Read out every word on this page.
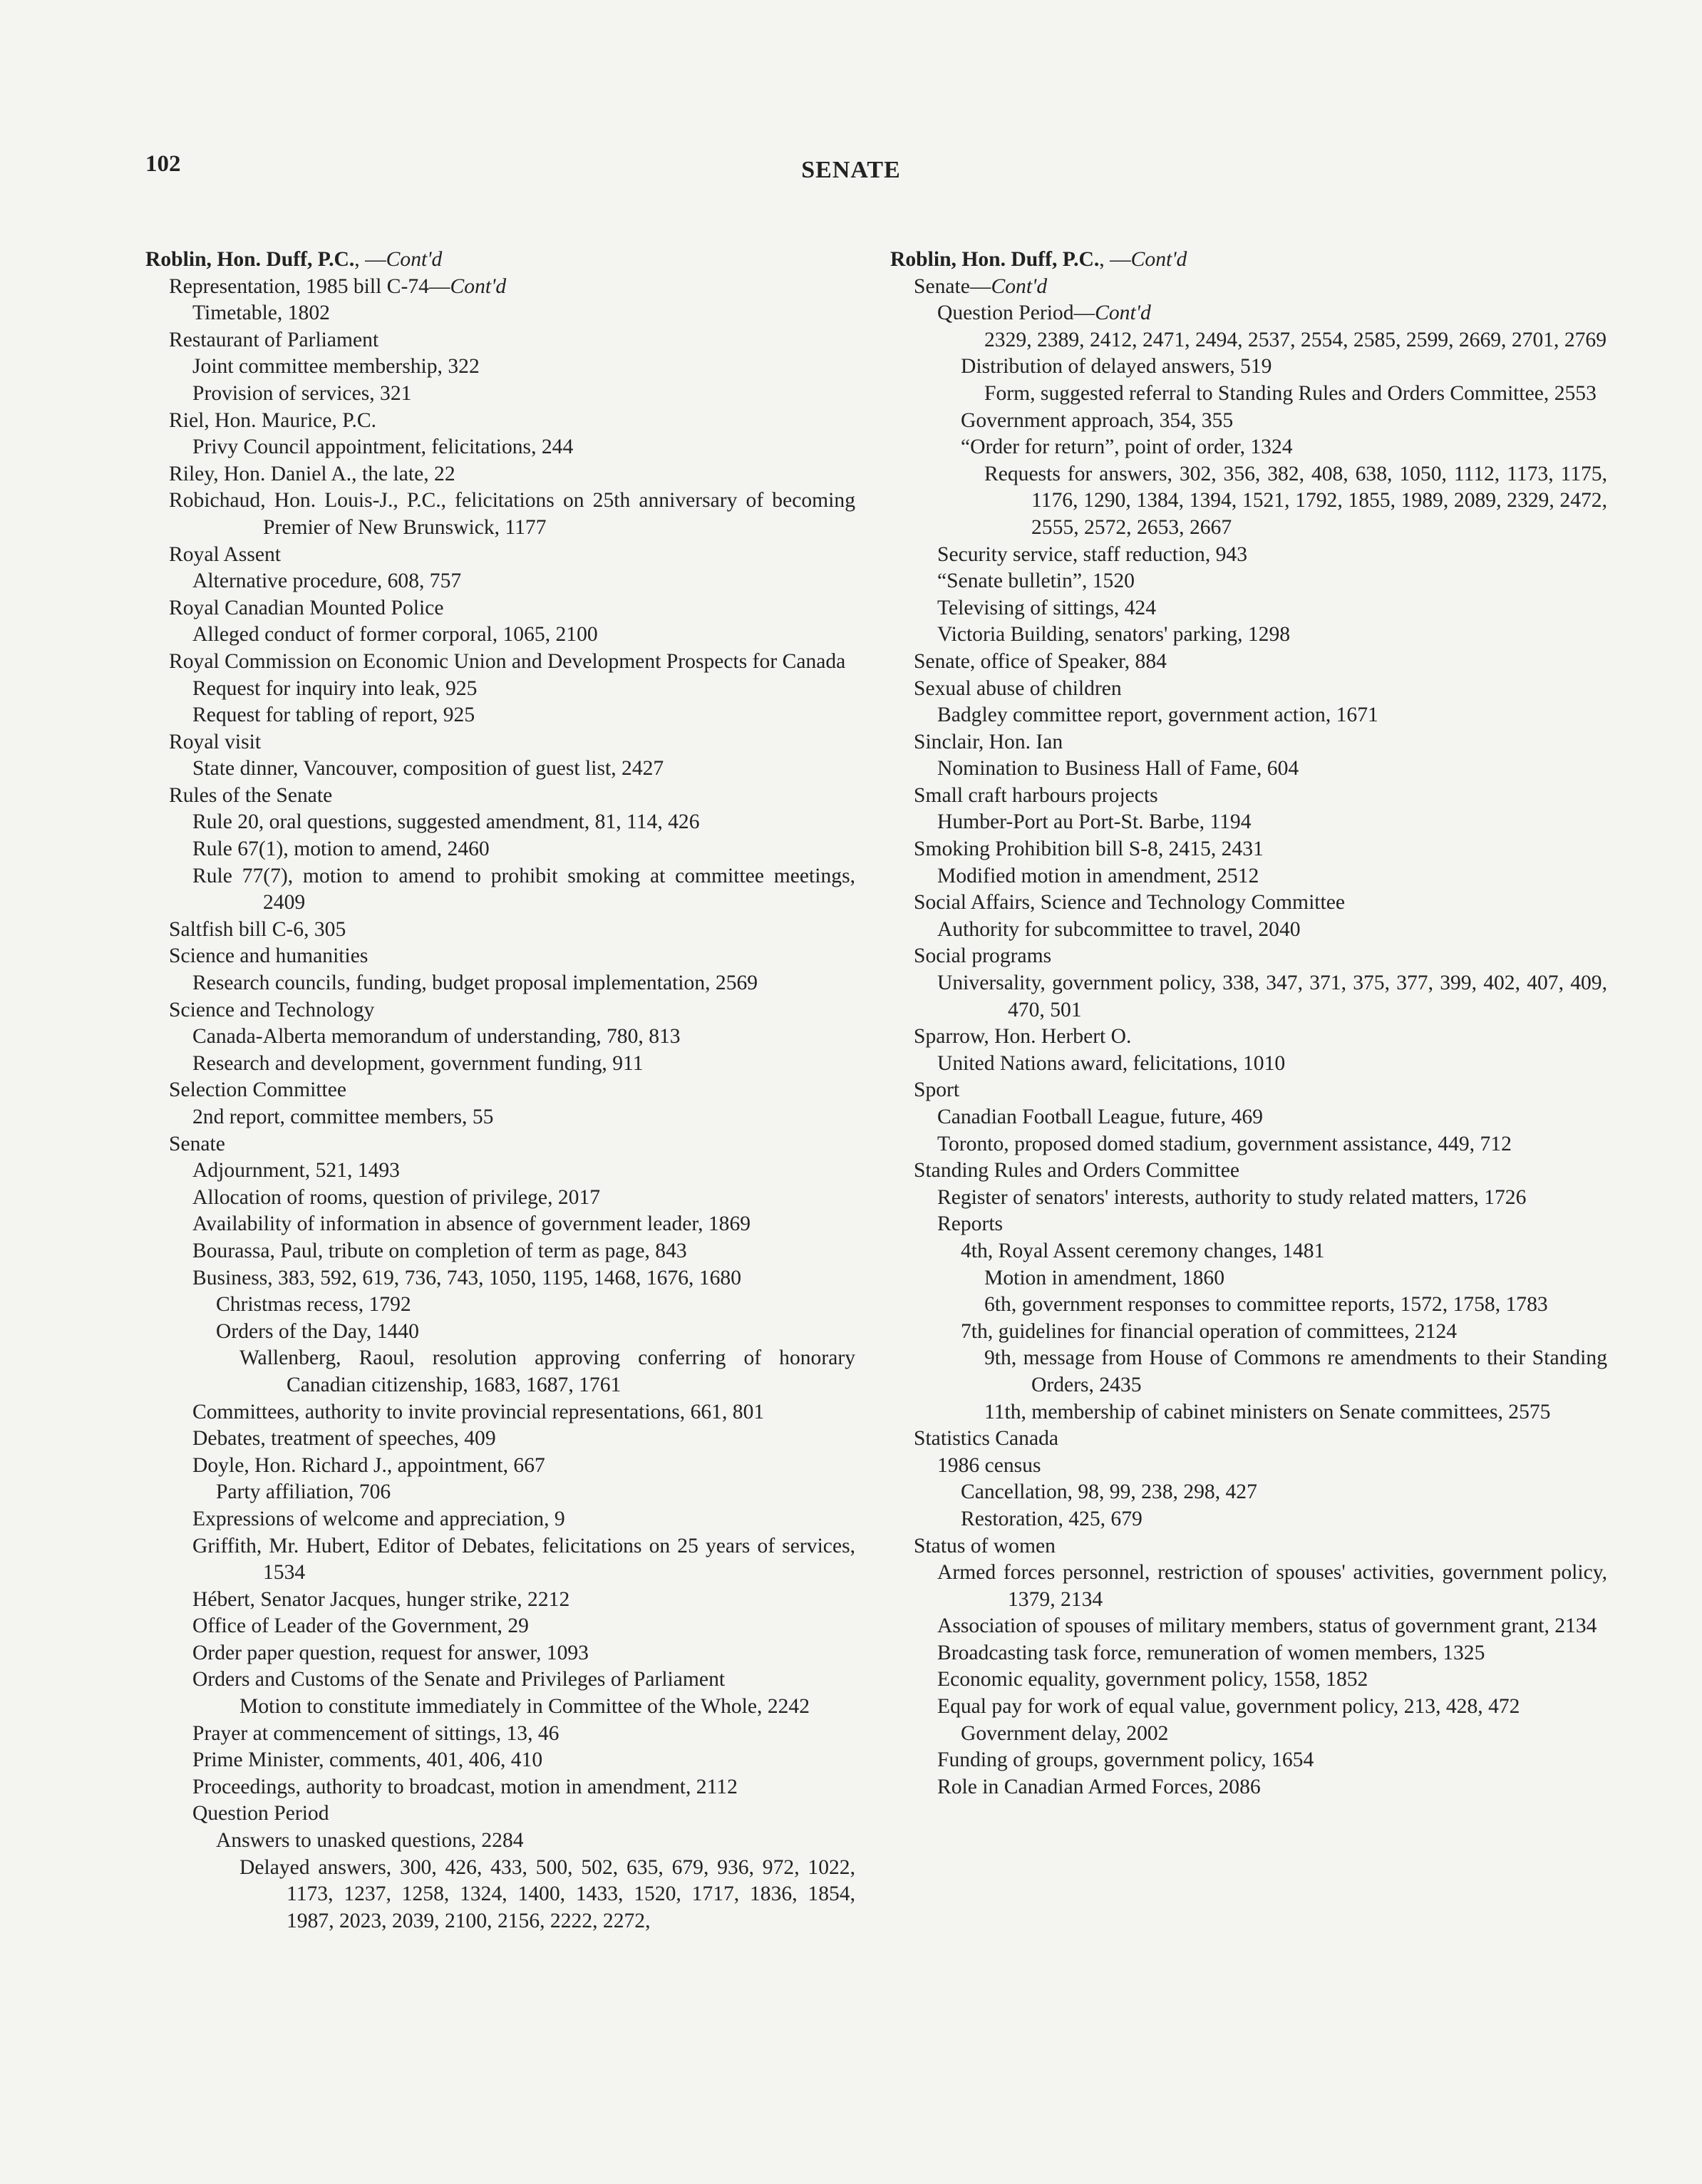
102	SENATE

Roblin, Hon. Duff, P.C., —Cont'd

Representation, 1985 bill C-74—Cont'd

Timetable, 1802

Restaurant of Parliament

Joint committee membership, 322

Provision of services, 321

Riel, Hon. Maurice, P.C.

Privy Council appointment, felicitations, 244

Riley, Hon. Daniel A., the late, 22

Robichaud, Hon. Louis-J., P.C., felicitations on 25th anniversary of becoming Premier of New Brunswick, 1177

Royal Assent

Alternative procedure, 608, 757

Royal Canadian Mounted Police

Alleged conduct of former corporal, 1065, 2100

Royal Commission on Economic Union and Development Prospects for Canada

Request for inquiry into leak, 925

Request for tabling of report, 925

Royal visit

State dinner, Vancouver, composition of guest list, 2427

Rules of the Senate

Rule 20, oral questions, suggested amendment, 81, 114, 426

Rule 67(1), motion to amend, 2460

Rule 77(7), motion to amend to prohibit smoking at committee meetings, 2409

Saltfish bill C-6, 305

Science and humanities

Research councils, funding, budget proposal implementation, 2569

Science and Technology

Canada-Alberta memorandum of understanding, 780, 813

Research and development, government funding, 911

Selection Committee

2nd report, committee members, 55

Senate

Adjournment, 521, 1493

Allocation of rooms, question of privilege, 2017

Availability of information in absence of government leader, 1869

Bourassa, Paul, tribute on completion of term as page, 843

Business, 383, 592, 619, 736, 743, 1050, 1195, 1468, 1676, 1680

Christmas recess, 1792

Orders of the Day, 1440

Wallenberg, Raoul, resolution approving conferring of honorary Canadian citizenship, 1683, 1687, 1761

Committees, authority to invite provincial representations, 661, 801

Debates, treatment of speeches, 409

Doyle, Hon. Richard J., appointment, 667

Party affiliation, 706

Expressions of welcome and appreciation, 9

Griffith, Mr. Hubert, Editor of Debates, felicitations on 25 years of services, 1534

Hébert, Senator Jacques, hunger strike, 2212

Office of Leader of the Government, 29

Order paper question, request for answer, 1093

Orders and Customs of the Senate and Privileges of Parliament

Motion to constitute immediately in Committee of the Whole, 2242

Prayer at commencement of sittings, 13, 46

Prime Minister, comments, 401, 406, 410

Proceedings, authority to broadcast, motion in amendment, 2112

Question Period

Answers to unasked questions, 2284

Delayed answers, 300, 426, 433, 500, 502, 635, 679, 936, 972, 1022, 1173, 1237, 1258, 1324, 1400, 1433, 1520, 1717, 1836, 1854, 1987, 2023, 2039, 2100, 2156, 2222, 2272,

Roblin, Hon. Duff, P.C., —Cont'd

Senate—Cont'd

Question Period—Cont'd

2329, 2389, 2412, 2471, 2494, 2537, 2554, 2585, 2599, 2669, 2701, 2769

Distribution of delayed answers, 519

Form, suggested referral to Standing Rules and Orders Committee, 2553

Government approach, 354, 355

“Order for return”, point of order, 1324

Requests for answers, 302, 356, 382, 408, 638, 1050, 1112, 1173, 1175, 1176, 1290, 1384, 1394, 1521, 1792, 1855, 1989, 2089, 2329, 2472, 2555, 2572, 2653, 2667

Security service, staff reduction, 943

“Senate bulletin”, 1520

Televising of sittings, 424

Victoria Building, senators' parking, 1298

Senate, office of Speaker, 884

Sexual abuse of children

Badgley committee report, government action, 1671

Sinclair, Hon. Ian

Nomination to Business Hall of Fame, 604

Small craft harbours projects

Humber-Port au Port-St. Barbe, 1194

Smoking Prohibition bill S-8, 2415, 2431

Modified motion in amendment, 2512

Social Affairs, Science and Technology Committee

Authority for subcommittee to travel, 2040

Social programs

Universality, government policy, 338, 347, 371, 375, 377, 399, 402, 407, 409, 470, 501

Sparrow, Hon. Herbert O.

United Nations award, felicitations, 1010

Sport

Canadian Football League, future, 469

Toronto, proposed domed stadium, government assistance, 449, 712

Standing Rules and Orders Committee

Register of senators' interests, authority to study related matters, 1726

Reports

4th, Royal Assent ceremony changes, 1481

Motion in amendment, 1860

6th, government responses to committee reports, 1572, 1758, 1783

7th, guidelines for financial operation of committees, 2124

9th, message from House of Commons re amendments to their Standing Orders, 2435

11th, membership of cabinet ministers on Senate committees, 2575

Statistics Canada

1986 census

Cancellation, 98, 99, 238, 298, 427

Restoration, 425, 679

Status of women

Armed forces personnel, restriction of spouses' activities, government policy, 1379, 2134

Association of spouses of military members, status of government grant, 2134

Broadcasting task force, remuneration of women members, 1325

Economic equality, government policy, 1558, 1852

Equal pay for work of equal value, government policy, 213, 428, 472

Government delay, 2002

Funding of groups, government policy, 1654

Role in Canadian Armed Forces, 2086
